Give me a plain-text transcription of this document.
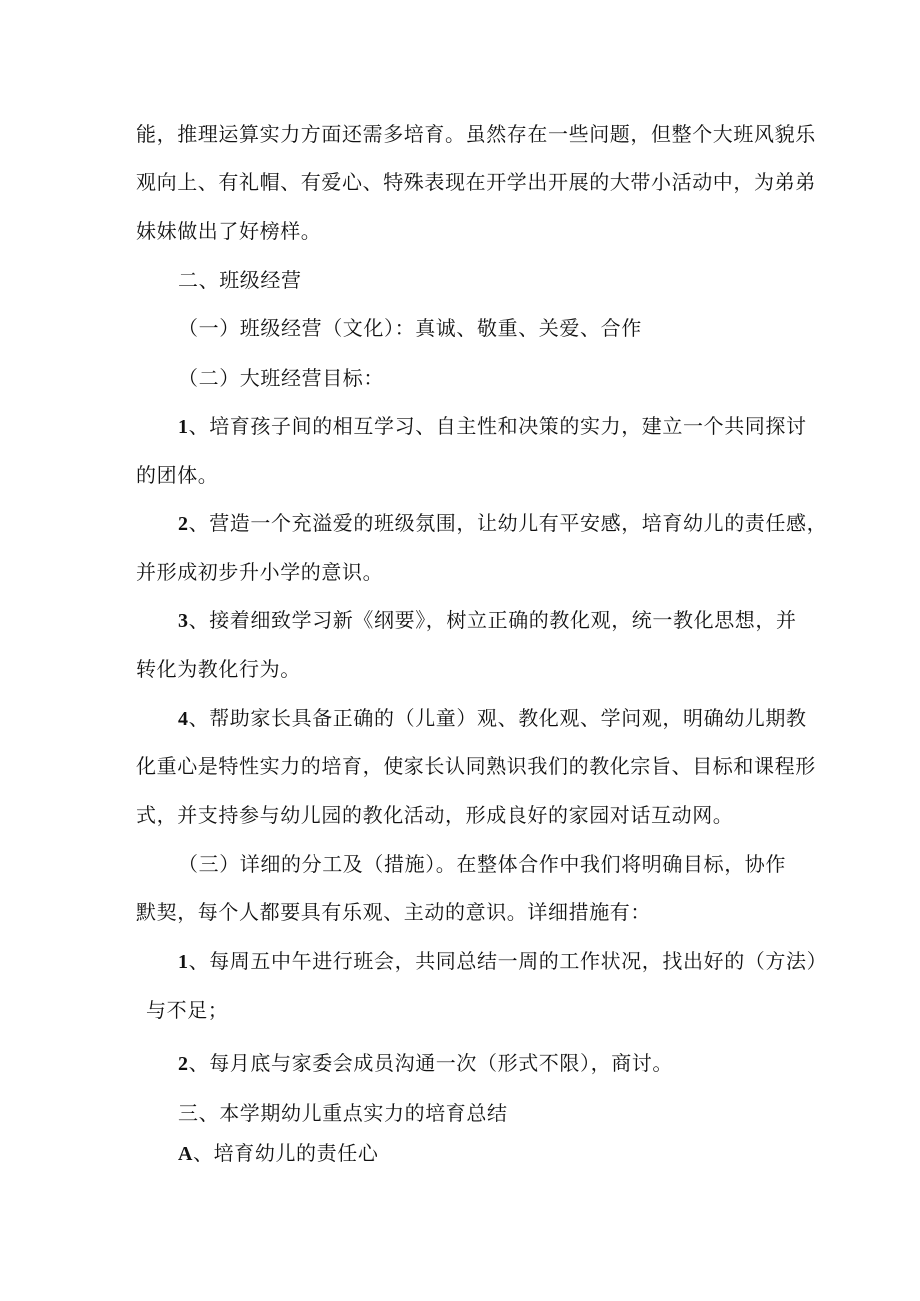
能，推理运算实力方面还需多培育。虽然存在一些问题，但整个大班风貌乐
观向上、有礼帽、有爱心、特殊表现在开学出开展的大带小活动中，为弟弟
妹妹做出了好榜样。
二、班级经营
（一）班级经营（文化）：真诚、敬重、关爱、合作
（二）大班经营目标：
1、培育孩子间的相互学习、自主性和决策的实力，建立一个共同探讨
的团体。
2、营造一个充溢爱的班级氛围，让幼儿有平安感，培育幼儿的责任感，
并形成初步升小学的意识。
3、接着细致学习新《纲要》，树立正确的教化观，统一教化思想，并
转化为教化行为。
4、帮助家长具备正确的（儿童）观、教化观、学问观，明确幼儿期教
化重心是特性实力的培育，使家长认同熟识我们的教化宗旨、目标和课程形
式，并支持参与幼儿园的教化活动，形成良好的家园对话互动网。
（三）详细的分工及（措施）。在整体合作中我们将明确目标，协作
默契，每个人都要具有乐观、主动的意识。详细措施有：
1、每周五中午进行班会，共同总结一周的工作状况，找出好的（方法）
与不足；
2、每月底与家委会成员沟通一次（形式不限），商讨。
三、本学期幼儿重点实力的培育总结
A、培育幼儿的责任心
